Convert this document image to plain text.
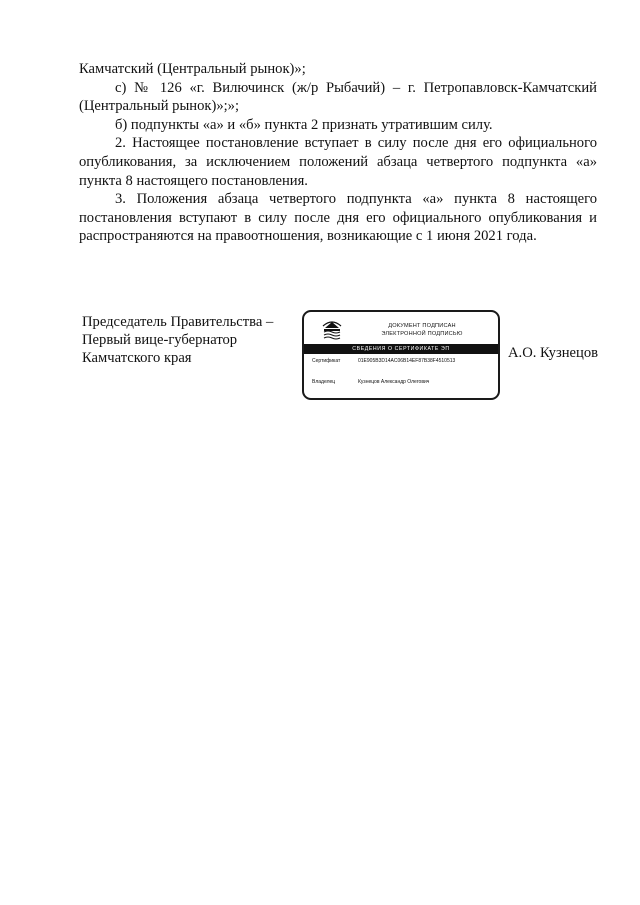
Камчатский (Центральный рынок)»;

с) № 126 «г. Вилючинск (ж/р Рыбачий) – г. Петропавловск-Камчатский (Центральный рынок)»;»;

б) подпункты «а» и «б» пункта 2 признать утратившим силу.

2. Настоящее постановление вступает в силу после дня его официального опубликования, за исключением положений абзаца четвертого подпункта «а» пункта 8 настоящего постановления.

3. Положения абзаца четвертого подпункта «а» пункта 8 настоящего постановления вступают в силу после дня его официального опубликования и распространяются на правоотношения, возникающие с 1 июня 2021 года.

Председатель Правительства –
Первый вице-губернатор
Камчатского края
ДОКУМЕНТ ПОДПИСАН
ЭЛЕКТРОННОЙ ПОДПИСЬЮ
СВЕДЕНИЯ О СЕРТИФИКАТЕ ЭП
Сертификат	01E905B3D14AC06B14EF87B38F4510513
Владелец	Кузнецов Александр Олегович
А.О. Кузнецов
